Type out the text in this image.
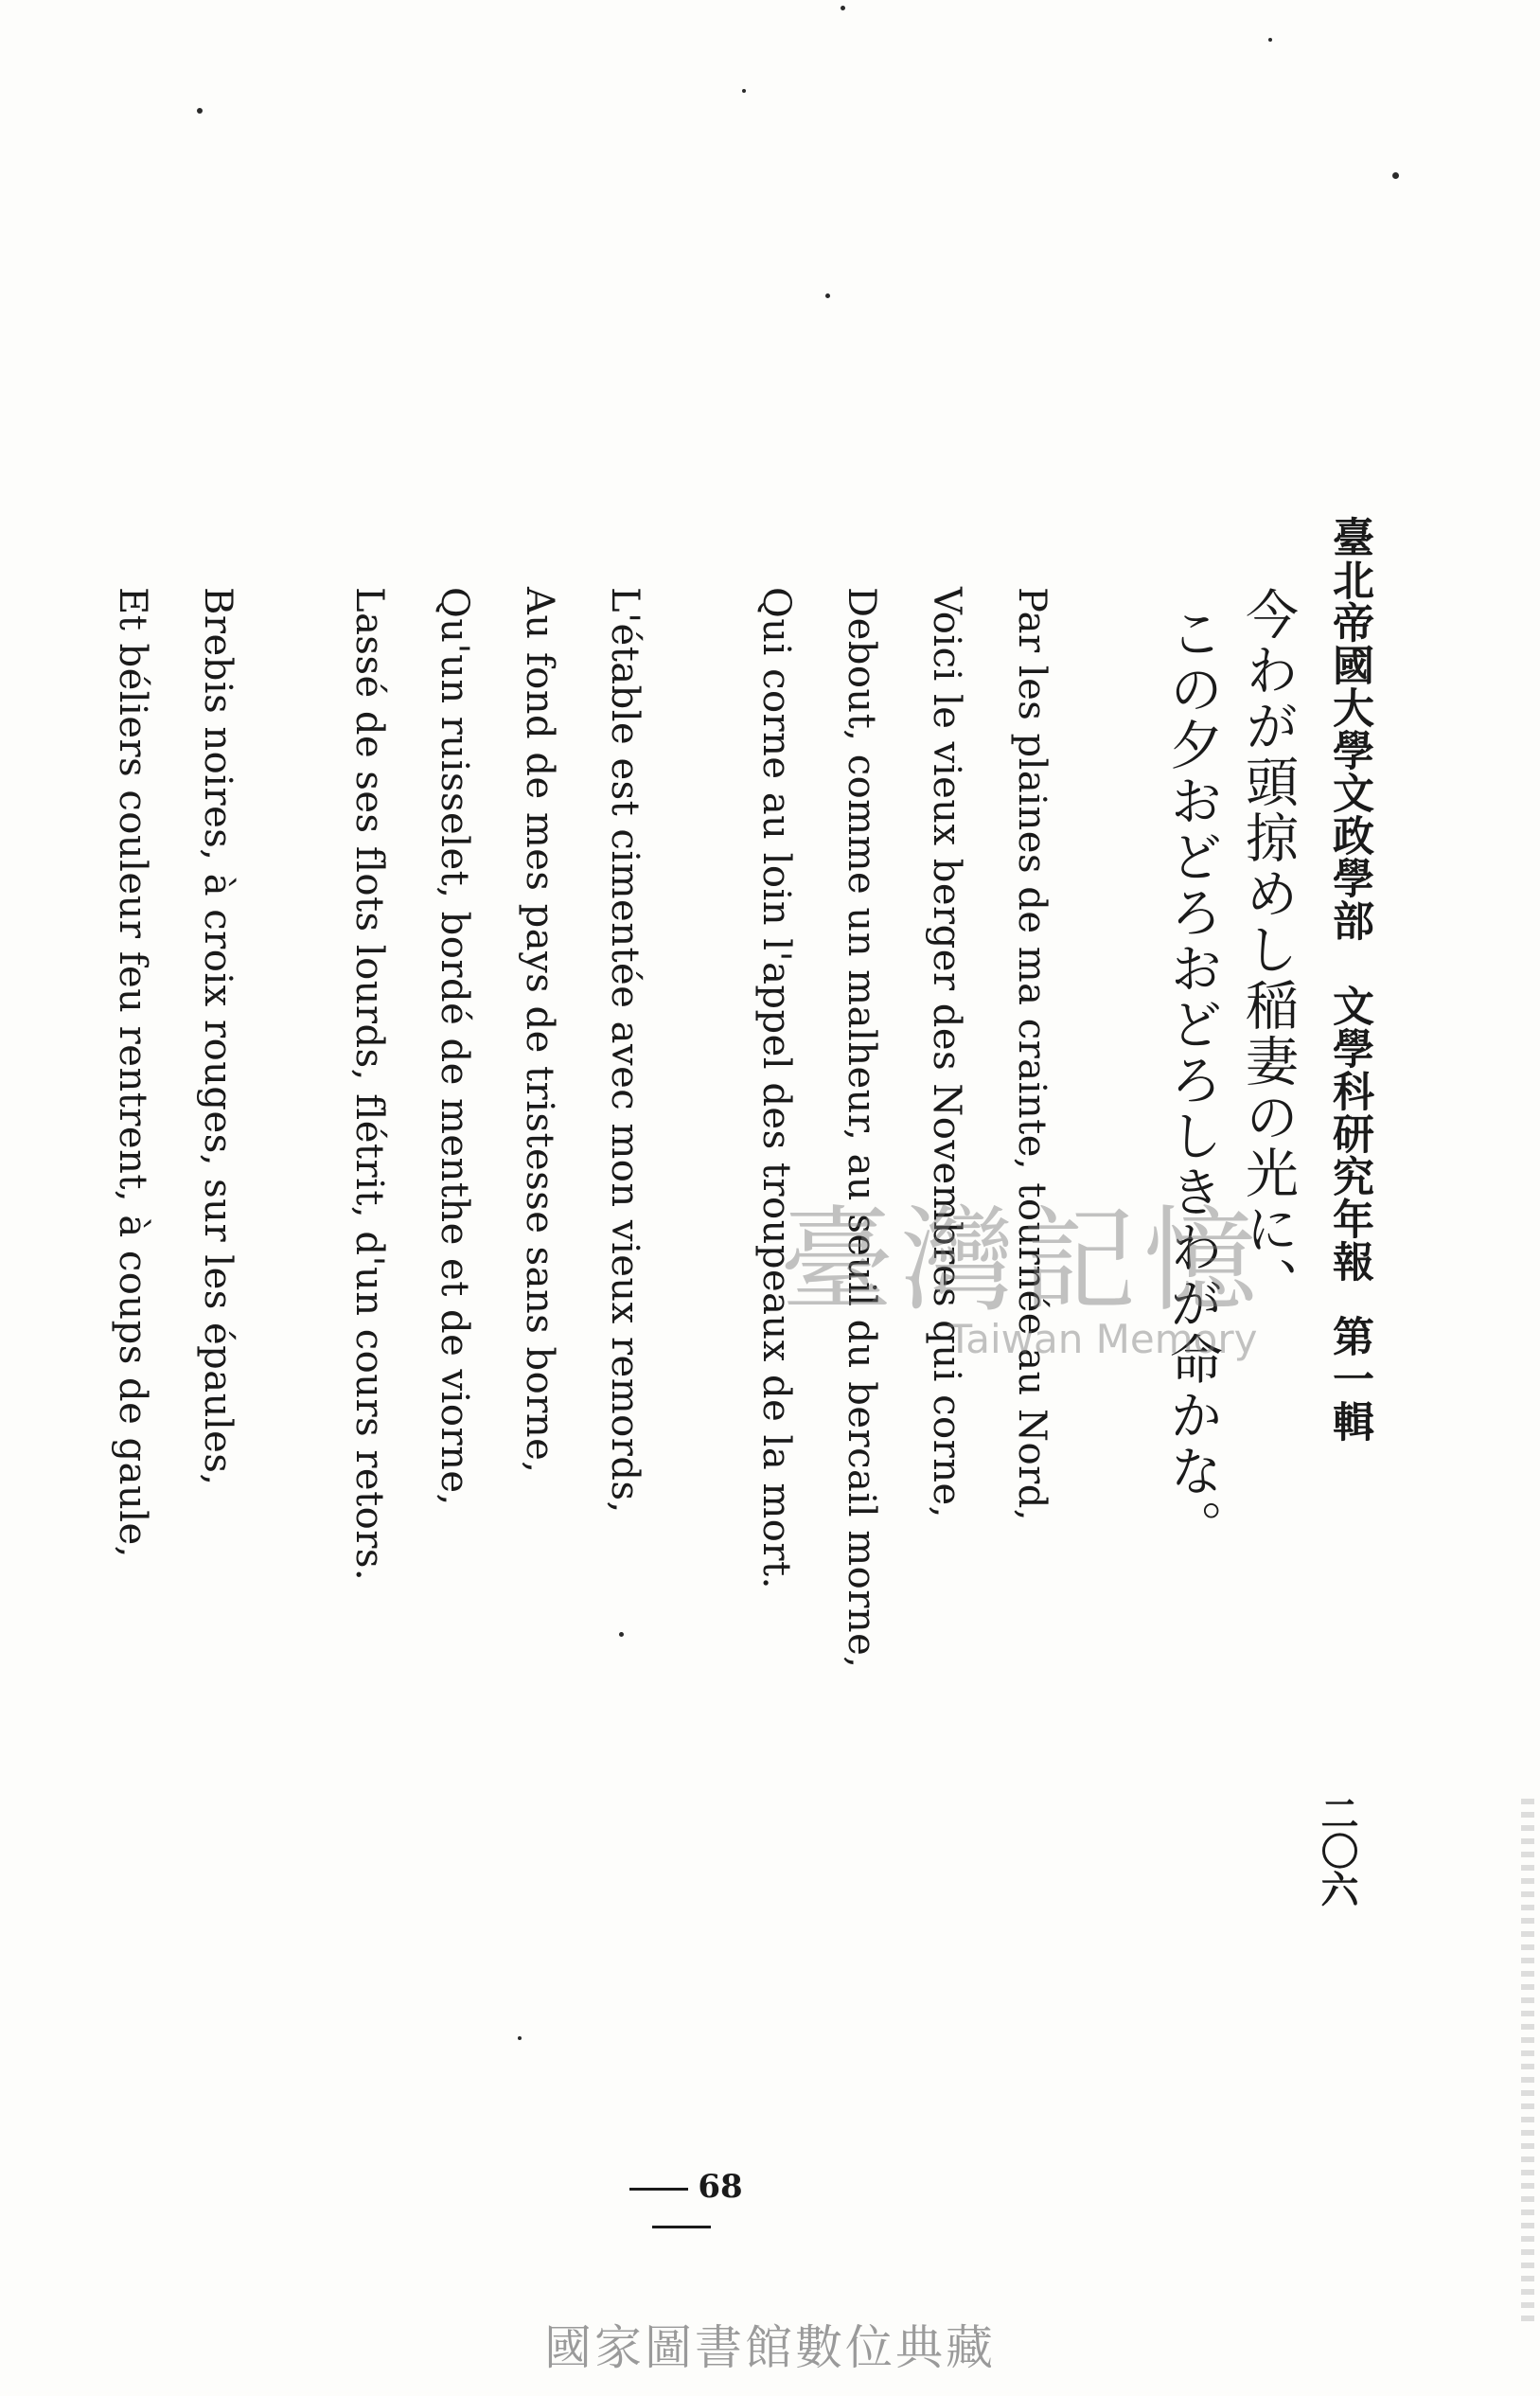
臺北帝國大學文政學部　文學科研究年報第一輯
今わが頭掠めし稲妻の光に、
この夕おどろおどろしきわが命かな。
Par les plaines de ma crainte, tournée au Nord,
Voici le vieux berger des Novembres qui corne,
Debout, comme un malheur, au seuil du bercail morne,
Qui corne au loin l'appel des troupeaux de la mort.
L'étable est cimentée avec mon vieux remords,
Au fond de mes pays de tristesse sans borne,
Qu'un ruisselet, bordé de menthe et de viorne,
Lassé de ses flots lourds, flétrit, d'un cours retors.
Brebis noires, à croix rouges, sur les épaules,
Et béliers couleur feu rentrent, à coups de gaule,
二〇六
68
臺灣記憶
Taiwan Memory
國家圖書館數位典藏
